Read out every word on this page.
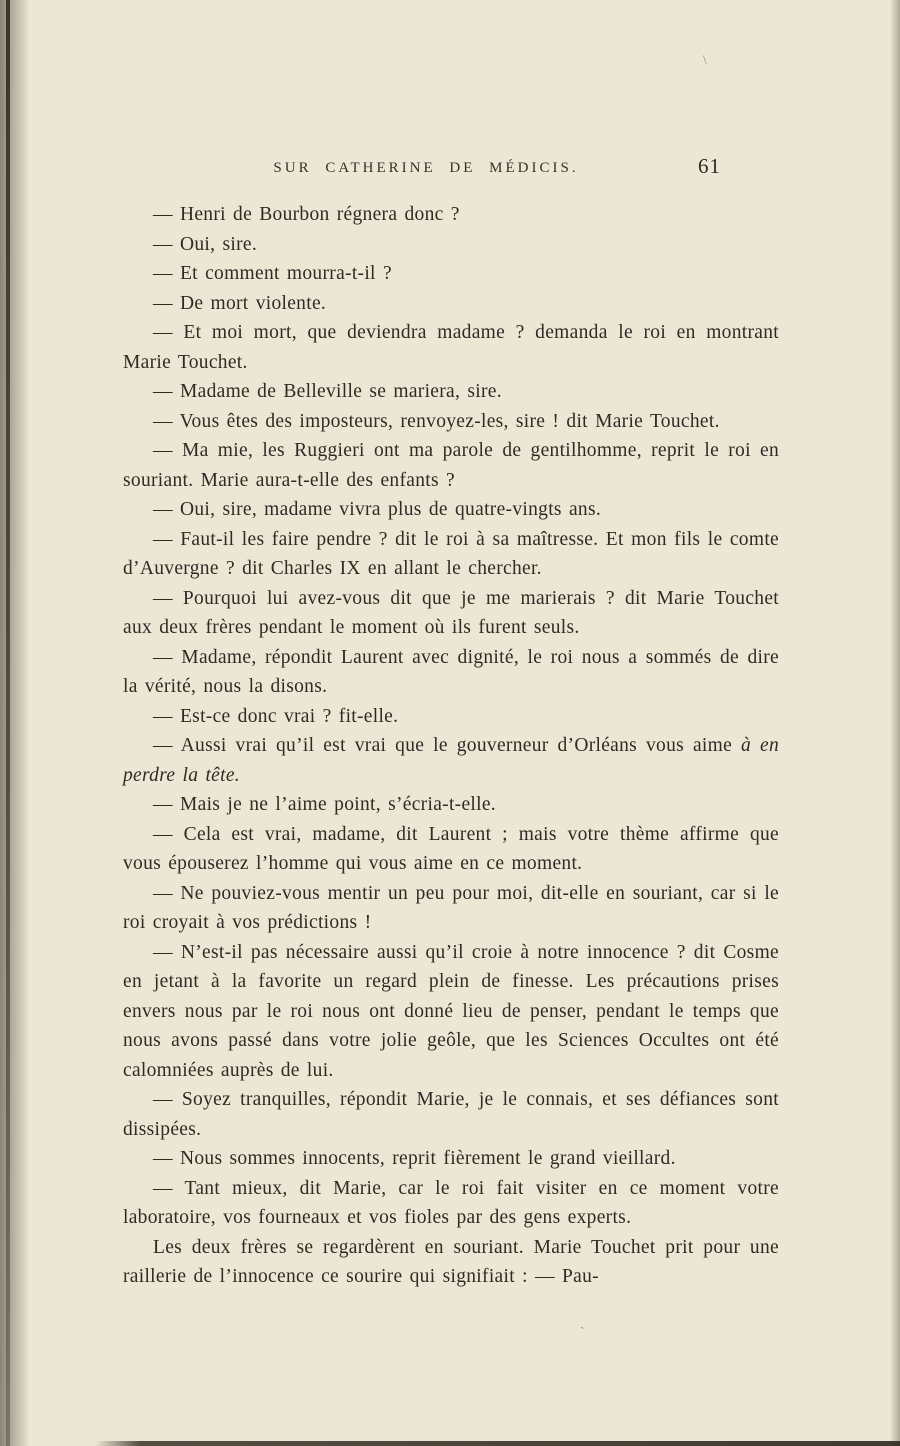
SUR CATHERINE DE MÉDICIS.	61

— Henri de Bourbon régnera donc ?

— Oui, sire.

— Et comment mourra-t-il ?

— De mort violente.

— Et moi mort, que deviendra madame ? demanda le roi en montrant Marie Touchet.

— Madame de Belleville se mariera, sire.

— Vous êtes des imposteurs, renvoyez-les, sire ! dit Marie Touchet.

— Ma mie, les Ruggieri ont ma parole de gentilhomme, reprit le roi en souriant. Marie aura-t-elle des enfants ?

— Oui, sire, madame vivra plus de quatre-vingts ans.

— Faut-il les faire pendre ? dit le roi à sa maîtresse. Et mon fils le comte d’Auvergne ? dit Charles IX en allant le chercher.

— Pourquoi lui avez-vous dit que je me marierais ? dit Marie Touchet aux deux frères pendant le moment où ils furent seuls.

— Madame, répondit Laurent avec dignité, le roi nous a sommés de dire la vérité, nous la disons.

— Est-ce donc vrai ? fit-elle.

— Aussi vrai qu’il est vrai que le gouverneur d’Orléans vous aime à en perdre la tête.

— Mais je ne l’aime point, s’écria-t-elle.

— Cela est vrai, madame, dit Laurent ; mais votre thème affirme que vous épouserez l’homme qui vous aime en ce moment.

— Ne pouviez-vous mentir un peu pour moi, dit-elle en souriant, car si le roi croyait à vos prédictions !

— N’est-il pas nécessaire aussi qu’il croie à notre innocence ? dit Cosme en jetant à la favorite un regard plein de finesse. Les précautions prises envers nous par le roi nous ont donné lieu de penser, pendant le temps que nous avons passé dans votre jolie geôle, que les Sciences Occultes ont été calomniées auprès de lui.

— Soyez tranquilles, répondit Marie, je le connais, et ses défiances sont dissipées.

— Nous sommes innocents, reprit fièrement le grand vieillard.

— Tant mieux, dit Marie, car le roi fait visiter en ce moment votre laboratoire, vos fourneaux et vos fioles par des gens experts.

Les deux frères se regardèrent en souriant. Marie Touchet prit pour une raillerie de l’innocence ce sourire qui signifiait : — Pau-

\
`
